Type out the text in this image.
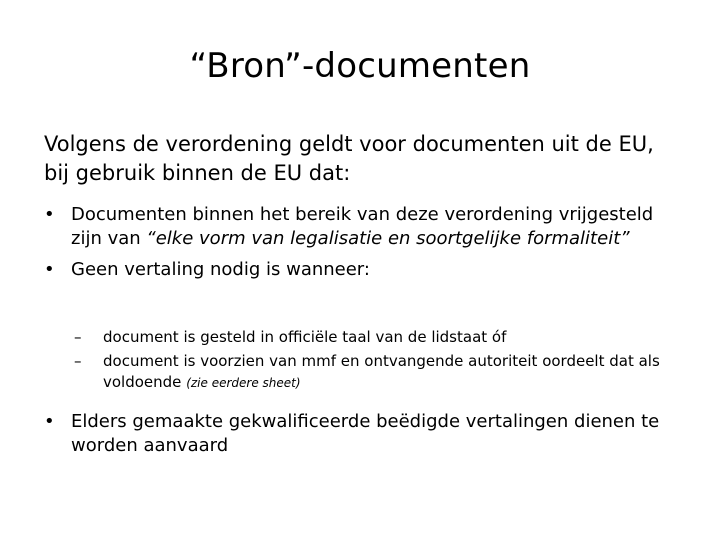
“Bron”-documenten
Volgens de verordening geldt voor documenten uit de EU, bij gebruik binnen de EU dat:
• Documenten binnen het bereik van deze verordening vrijgesteld zijn van “elke vorm van legalisatie en soortgelijke formaliteit”
• Geen vertaling nodig is wanneer:
–	document is gesteld in officiële taal van de lidstaat óf
–	document is voorzien van mmf en ontvangende autoriteit oordeelt dat als voldoende (zie eerdere sheet)
• Elders gemaakte gekwalificeerde beëdigde vertalingen dienen te worden aanvaard
